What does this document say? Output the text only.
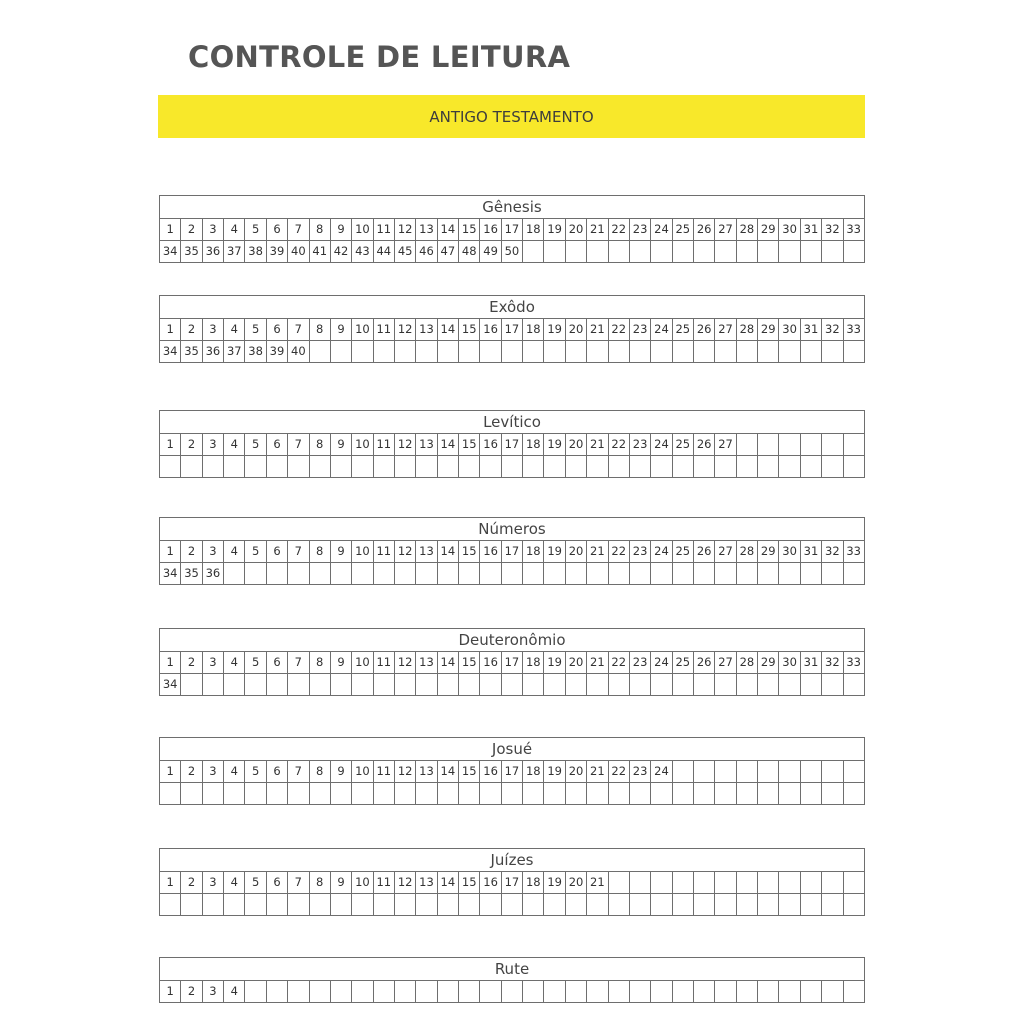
CONTROLE DE LEITURA
ANTIGO TESTAMENTO
Gênesis
1	2	3	4	5	6	7	8	9 10 11 12 13 14 15 16 17 18 19 20 21 22 23 24 25 26 27 28 29 30 31 32 33
34 35 36 37 38 39 40 41 42 43 44 45 46 47 48 49 50
Exôdo
1	2	3	4	5	6	7	8	9 10 11 12 13 14 15 16 17 18 19 20 21 22 23 24 25 26 27 28 29 30 31 32 33
34 35 36 37 38 39 40
Levítico
1	2	3	4	5	6	7	8	9 10 11 12 13 14 15 16 17 18 19 20 21 22 23 24 25 26 27
Números
1	2	3	4	5	6	7	8	9 10 11 12 13 14 15 16 17 18 19 20 21 22 23 24 25 26 27 28 29 30 31 32 33
34 35 36
Deuteronômio
1	2	3	4	5	6	7	8	9 10 11 12 13 14 15 16 17 18 19 20 21 22 23 24 25 26 27 28 29 30 31 32 33
34
Josué
1	2	3	4	5	6	7	8	9 10 11 12 13 14 15 16 17 18 19 20 21 22 23 24
Juízes
1	2	3	4	5	6	7	8	9 10 11 12 13 14 15 16 17 18 19 20 21
Rute
1	2	3	4
